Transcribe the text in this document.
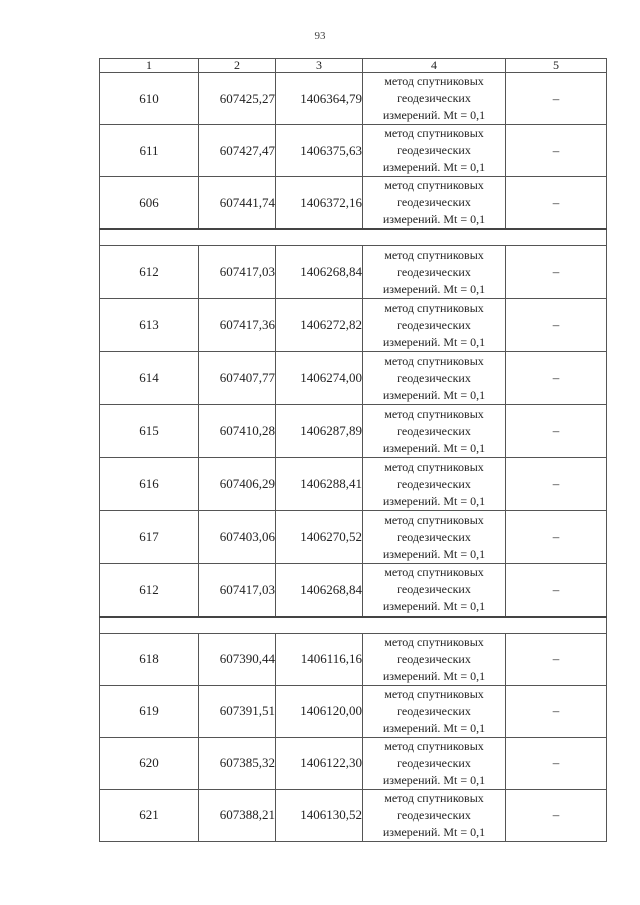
93
1	2	3	4	5
610	607425,27	1406364,79	метод спутниковых
геодезических
измерений. Mt = 0,1	–
611	607427,47	1406375,63	метод спутниковых
геодезических
измерений. Mt = 0,1	–
606	607441,74	1406372,16	метод спутниковых
геодезических
измерений. Mt = 0,1	–

612	607417,03	1406268,84	метод спутниковых
геодезических
измерений. Mt = 0,1	–
613	607417,36	1406272,82	метод спутниковых
геодезических
измерений. Mt = 0,1	–
614	607407,77	1406274,00	метод спутниковых
геодезических
измерений. Mt = 0,1	–
615	607410,28	1406287,89	метод спутниковых
геодезических
измерений. Mt = 0,1	–
616	607406,29	1406288,41	метод спутниковых
геодезических
измерений. Mt = 0,1	–
617	607403,06	1406270,52	метод спутниковых
геодезических
измерений. Mt = 0,1	–
612	607417,03	1406268,84	метод спутниковых
геодезических
измерений. Mt = 0,1	–

618	607390,44	1406116,16	метод спутниковых
геодезических
измерений. Mt = 0,1	–
619	607391,51	1406120,00	метод спутниковых
геодезических
измерений. Mt = 0,1	–
620	607385,32	1406122,30	метод спутниковых
геодезических
измерений. Mt = 0,1	–
621	607388,21	1406130,52	метод спутниковых
геодезических
измерений. Mt = 0,1	–
